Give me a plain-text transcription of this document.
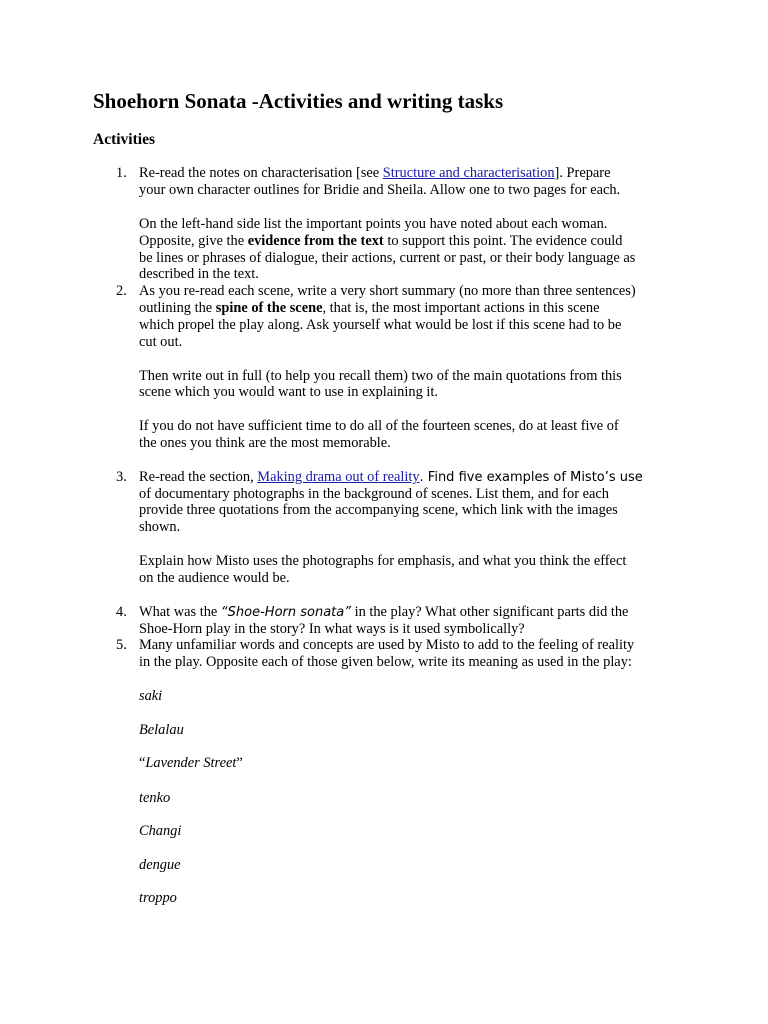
Shoehorn Sonata -Activities and writing tasks
Activities
1. Re-read the notes on characterisation [see Structure and characterisation]. Prepare
your own character outlines for Bridie and Sheila. Allow one to two pages for each.
On the left-hand side list the important points you have noted about each woman.
Opposite, give the evidence from the text to support this point. The evidence could
be lines or phrases of dialogue, their actions, current or past, or their body language as
described in the text.
2. As you re-read each scene, write a very short summary (no more than three sentences)
outlining the spine of the scene, that is, the most important actions in this scene
which propel the play along. Ask yourself what would be lost if this scene had to be
cut out.
Then write out in full (to help you recall them) two of the main quotations from this
scene which you would want to use in explaining it.
If you do not have sufficient time to do all of the fourteen scenes, do at least five of
the ones you think are the most memorable.
3. Re-read the section, Making drama out of reality. Find five examples of Misto’s use
of documentary photographs in the background of scenes. List them, and for each
provide three quotations from the accompanying scene, which link with the images
shown.
Explain how Misto uses the photographs for emphasis, and what you think the effect
on the audience would be.
4. What was the “Shoe-Horn sonata” in the play? What other significant parts did the
Shoe-Horn play in the story? In what ways is it used symbolically?
5. Many unfamiliar words and concepts are used by Misto to add to the feeling of reality
in the play. Opposite each of those given below, write its meaning as used in the play:
saki
Belalau
“Lavender Street”
tenko
Changi
dengue
troppo
